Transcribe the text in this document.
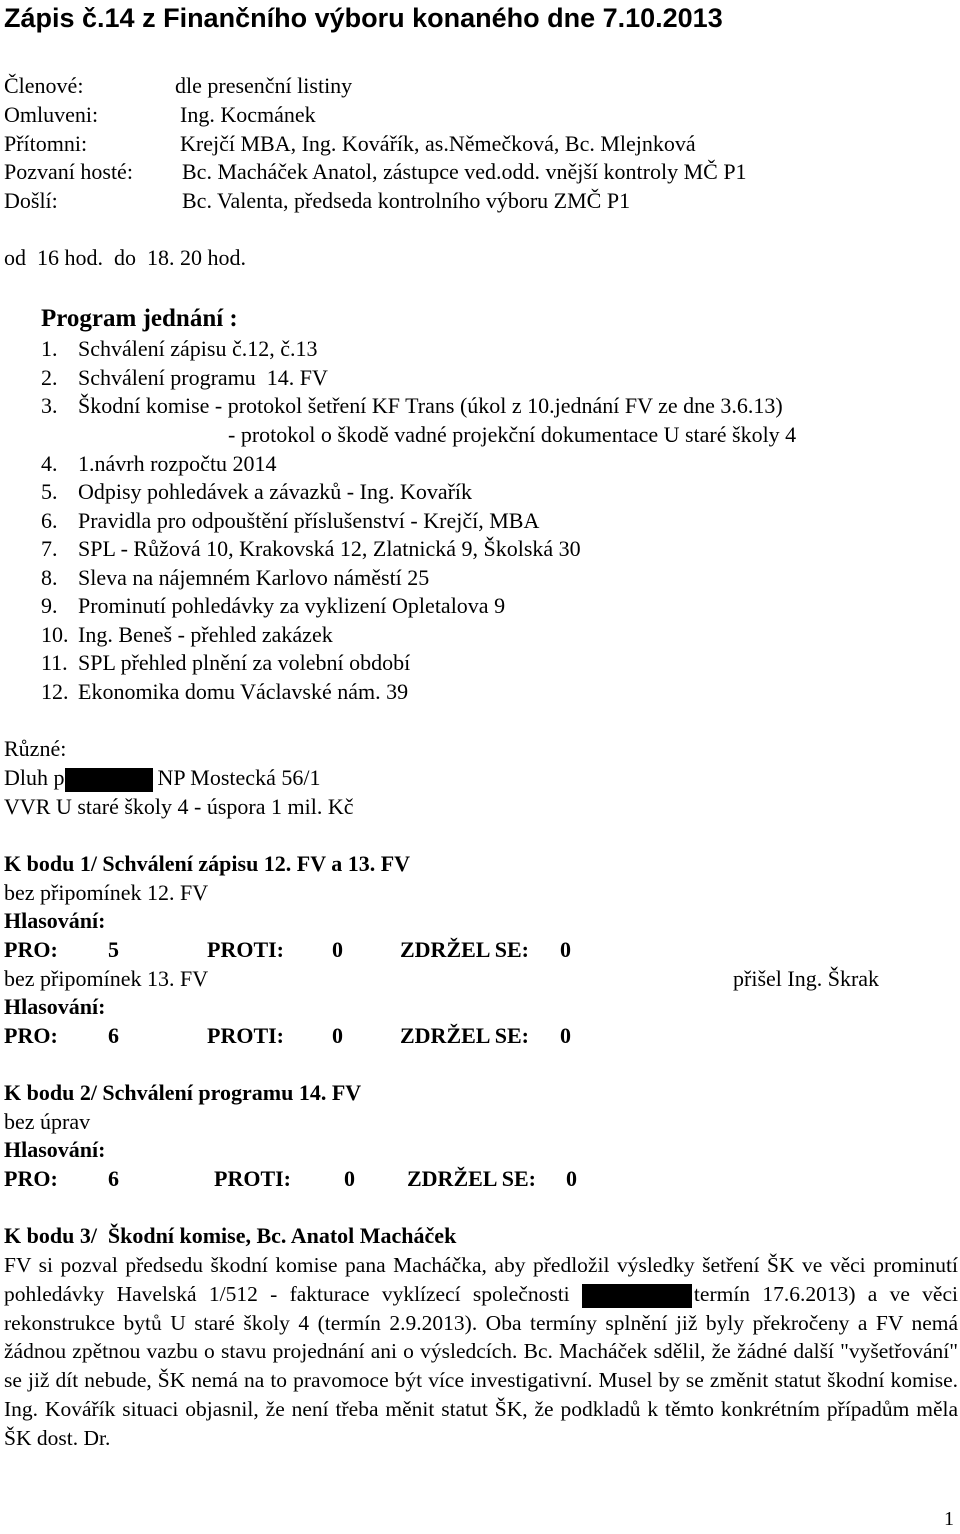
Zápis č.14 z Finančního výboru konaného dne 7.10.2013
Členové:	dle presenční listiny
Omluveni:	Ing. Kocmánek
Přítomni:	Krejčí MBA, Ing. Kovářík, as.Němečková, Bc. Mlejnková
Pozvaní hosté: Bc. Macháček Anatol, zástupce ved.odd. vnější kontroly MČ P1
Došlí:	Bc. Valenta, předseda kontrolního výboru ZMČ P1
od  16 hod.  do  18. 20 hod.
Program jednání :
1. Schválení zápisu č.12, č.13
2. Schválení programu  14. FV
3. Škodní komise - protokol šetření KF Trans (úkol z 10.jednání FV ze dne 3.6.13)
- protokol o škodě vadné projekční dokumentace U staré školy 4
4. 1.návrh rozpočtu 2014
5. Odpisy pohledávek a závazků - Ing. Kovařík
6. Pravidla pro odpouštění příslušenství - Krejčí, MBA
7. SPL - Růžová 10, Krakovská 12, Zlatnická 9, Školská 30
8. Sleva na nájemném Karlovo náměstí 25
9. Prominutí pohledávky za vyklizení Opletalova 9
10. Ing. Beneš - přehled zakázek
11. SPL přehled plnění za volební období
12. Ekonomika domu Václavské nám. 39
Různé:
Dluh p	NP Mostecká 56/1
VVR U staré školy 4 - úspora 1 mil. Kč
K bodu 1/ Schválení zápisu 12. FV a 13. FV
bez připomínek 12. FV
Hlasování:
PRO: 5	PROTI: 0	ZDRŽEL SE: 0
bez připomínek 13. FV	přišel Ing. Škrak
Hlasování:
PRO: 6	PROTI: 0	ZDRŽEL SE: 0
K bodu 2/ Schválení programu 14. FV
bez úprav
Hlasování:
PRO: 6	PROTI: 0 ZDRŽEL SE: 0
K bodu 3/  Škodní komise, Bc. Anatol Macháček
FV si pozval předsedu škodní komise pana Macháčka, aby předložil výsledky šetření ŠK ve věci prominutí pohledávky Havelská 1/512 - fakturace vyklízecí společnosti	termín 17.6.2013) a ve věci rekonstrukce bytů U staré školy 4 (termín 2.9.2013). Oba termíny splnění již byly překročeny a FV nemá žádnou zpětnou vazbu o stavu projednání ani o výsledcích. Bc. Macháček sdělil, že žádné další "vyšetřování" se již dít nebude, ŠK nemá na to pravomoce být více investigativní. Musel by se změnit statut škodní komise. Ing. Kovářík situaci objasnil, že není třeba měnit statut ŠK, že podkladů k těmto konkrétním případům měla ŠK dost. Dr.
1
